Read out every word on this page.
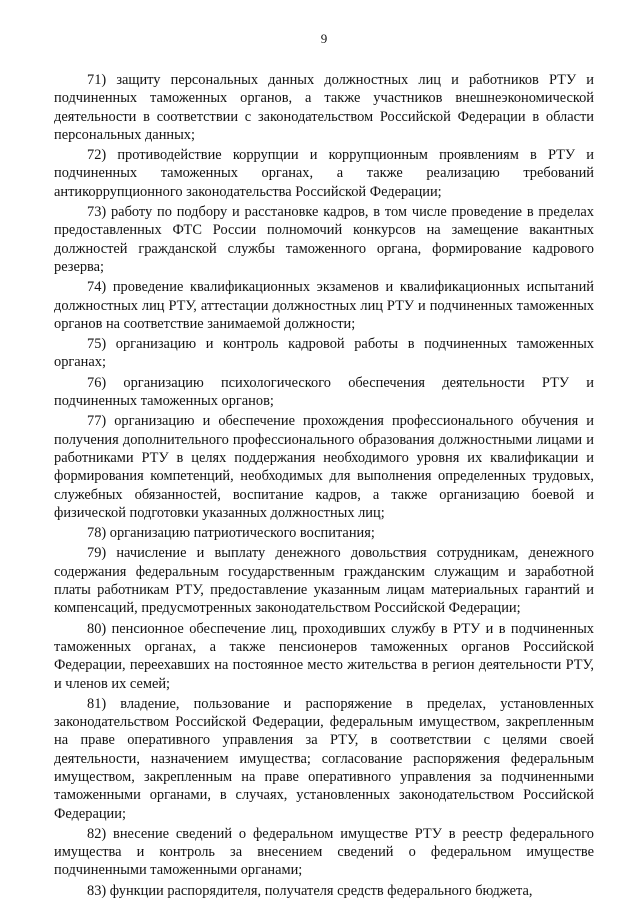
9

71) защиту персональных данных должностных лиц и работников РТУ и подчиненных таможенных органов, а также участников внешнеэкономической деятельности в соответствии с законодательством Российской Федерации в области персональных данных;

72) противодействие коррупции и коррупционным проявлениям в РТУ и подчиненных таможенных органах, а также реализацию требований антикоррупционного законодательства Российской Федерации;

73) работу по подбору и расстановке кадров, в том числе проведение в пределах предоставленных ФТС России полномочий конкурсов на замещение вакантных должностей гражданской службы таможенного органа, формирование кадрового резерва;

74) проведение квалификационных экзаменов и квалификационных испытаний должностных лиц РТУ, аттестации должностных лиц РТУ и подчиненных таможенных органов на соответствие занимаемой должности;

75) организацию и контроль кадровой работы в подчиненных таможенных органах;

76) организацию психологического обеспечения деятельности РТУ и подчиненных таможенных органов;

77) организацию и обеспечение прохождения профессионального обучения и получения дополнительного профессионального образования должностными лицами и работниками РТУ в целях поддержания необходимого уровня их квалификации и формирования компетенций, необходимых для выполнения определенных трудовых, служебных обязанностей, воспитание кадров, а также организацию боевой и физической подготовки указанных должностных лиц;

78) организацию патриотического воспитания;

79) начисление и выплату денежного довольствия сотрудникам, денежного содержания федеральным государственным гражданским служащим и заработной платы работникам РТУ, предоставление указанным лицам материальных гарантий и компенсаций, предусмотренных законодательством Российской Федерации;

80) пенсионное обеспечение лиц, проходивших службу в РТУ и в подчиненных таможенных органах, а также пенсионеров таможенных органов Российской Федерации, переехавших на постоянное место жительства в регион деятельности РТУ, и членов их семей;

81) владение, пользование и распоряжение в пределах, установленных законодательством Российской Федерации, федеральным имуществом, закрепленным на праве оперативного управления за РТУ, в соответствии с целями своей деятельности, назначением имущества; согласование распоряжения федеральным имуществом, закрепленным на праве оперативного управления за подчиненными таможенными органами, в случаях, установленных законодательством Российской Федерации;

82) внесение сведений о федеральном имуществе РТУ в реестр федерального имущества и контроль за внесением сведений о федеральном имуществе подчиненными таможенными органами;

83) функции распорядителя, получателя средств федерального бюджета,
